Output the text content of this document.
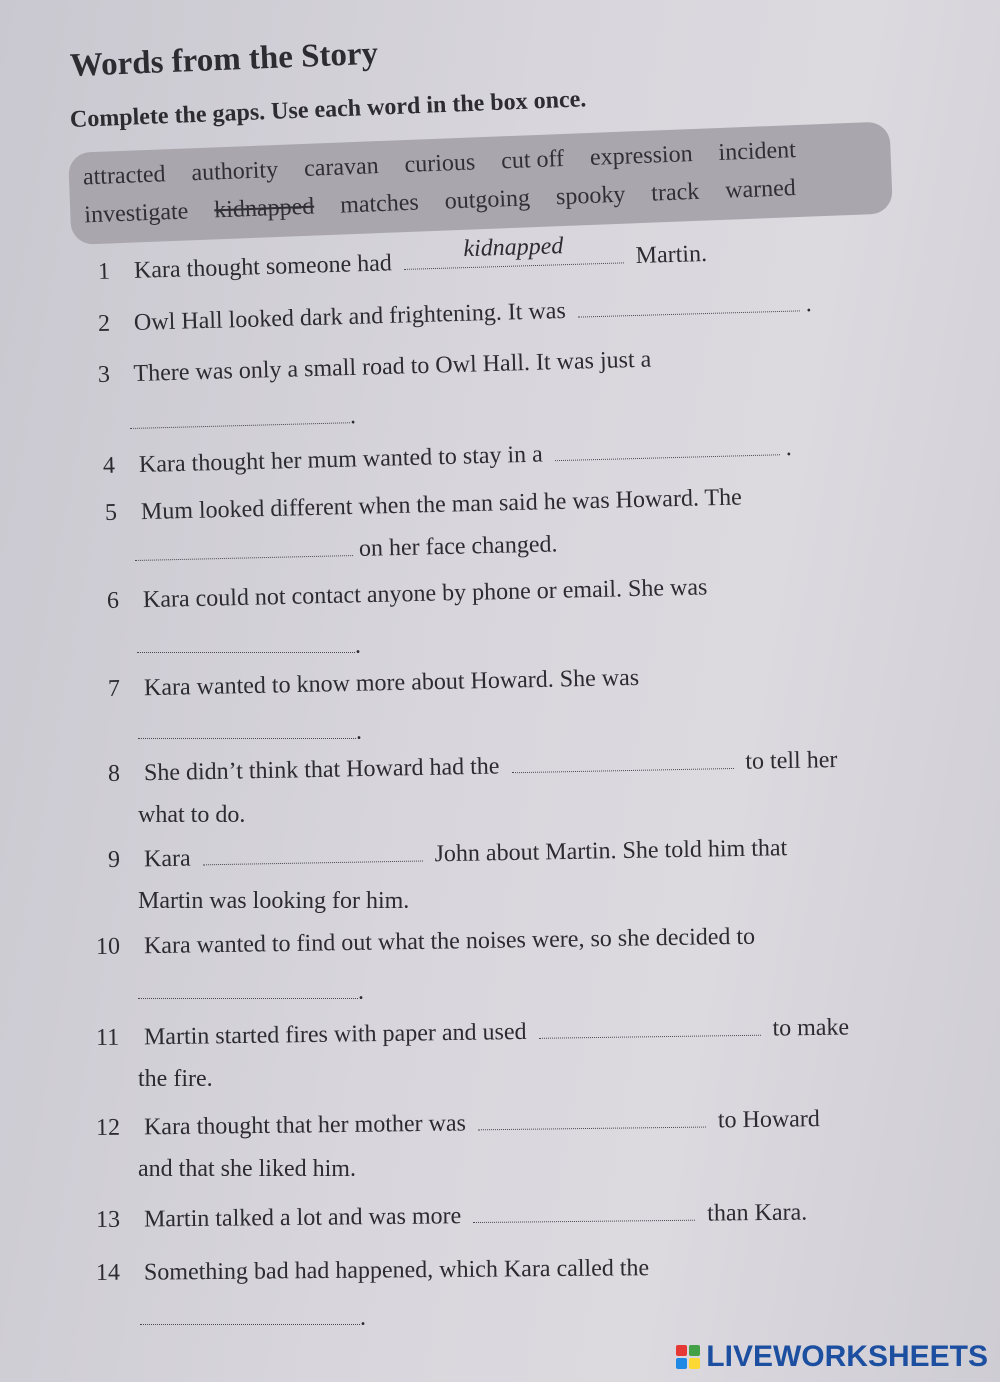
Words from the Story
Complete the gaps. Use each word in the box once.
attracted authority caravan curious cut off expression incident
investigate kidnapped matches outgoing spooky track warned
1 Kara thought someone had
kidnapped	Martin.
2 Owl Hall looked dark and frightening. It was	.
3 There was only a small road to Owl Hall. It was just a
.
4 Kara thought her mum wanted to stay in a	.
5 Mum looked different when the man said he was Howard. The
on her face changed.
6 Kara could not contact anyone by phone or email. She was
.
7 Kara wanted to know more about Howard. She was
.
8 She didn’t think that Howard had the	to tell her
what to do.
9 Kara	John about Martin. She told him that
Martin was looking for him.
10 Kara wanted to find out what the noises were, so she decided to
.
11 Martin started fires with paper and used	to make
the fire.
12 Kara thought that her mother was	to Howard
and that she liked him.
13 Martin talked a lot and was more	than Kara.
14 Something bad had happened, which Kara called the
.
LIVEWORKSHEETS
